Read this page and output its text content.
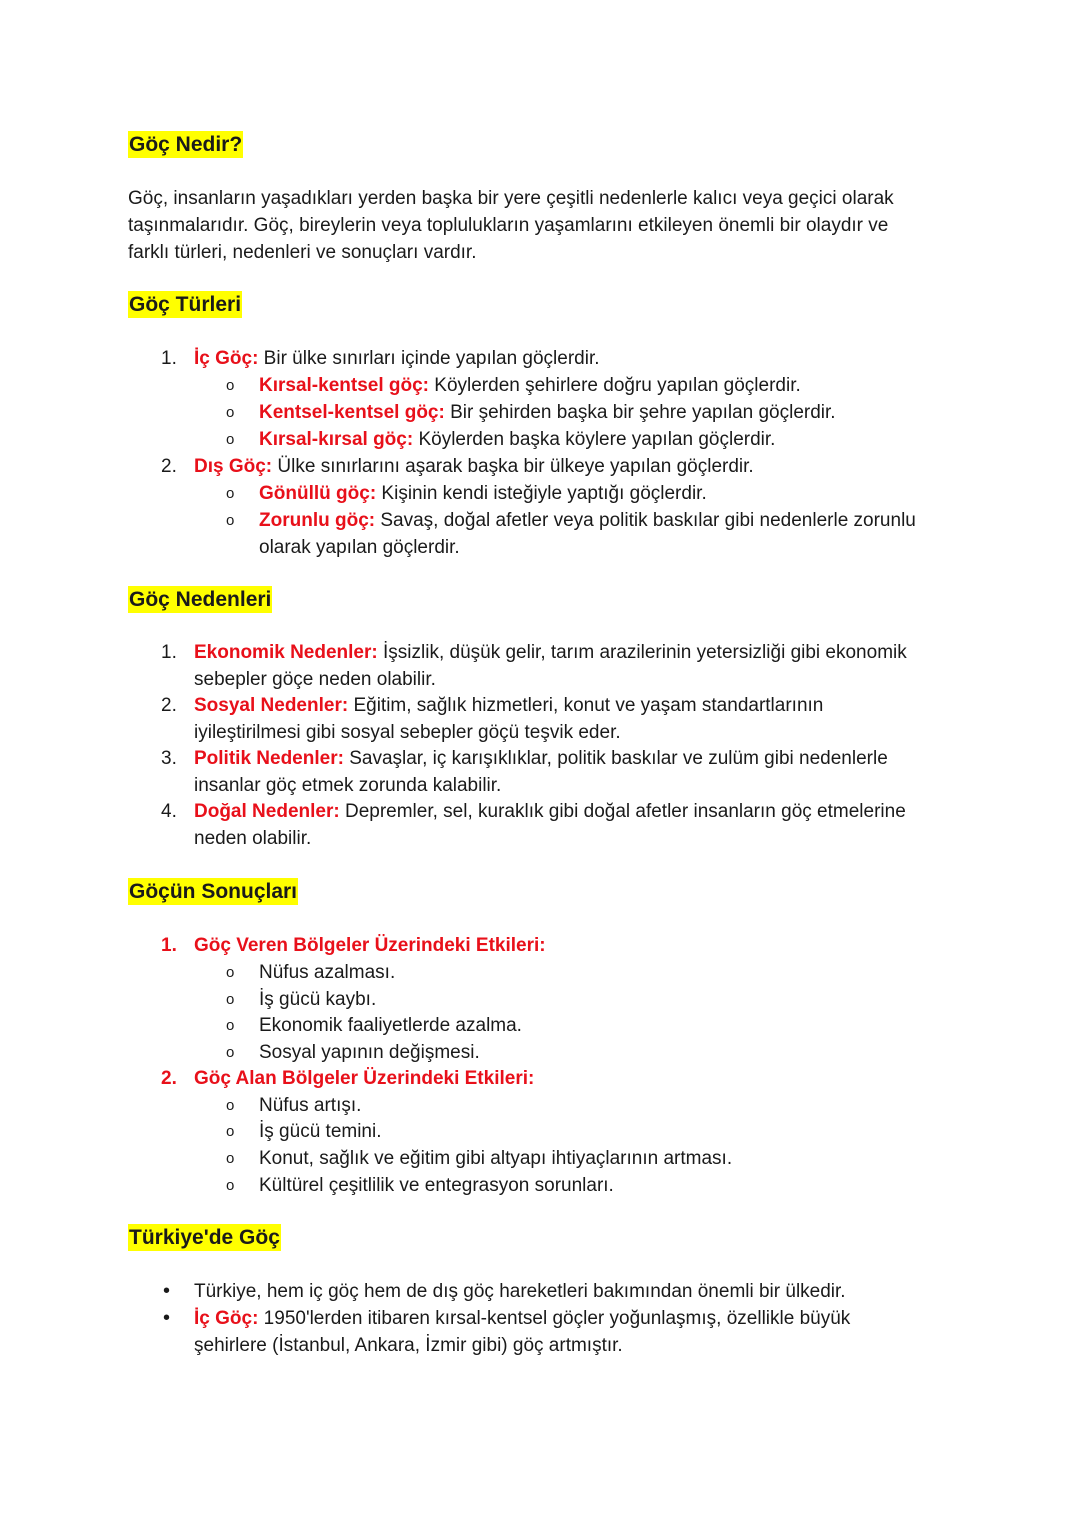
Göç Nedir?
Göç, insanların yaşadıkları yerden başka bir yere çeşitli nedenlerle kalıcı veya geçici olarak
taşınmalarıdır. Göç, bireylerin veya toplulukların yaşamlarını etkileyen önemli bir olaydır ve
farklı türleri, nedenleri ve sonuçları vardır.
Göç Türleri
1. İç Göç: Bir ülke sınırları içinde yapılan göçlerdir.
o Kırsal-kentsel göç: Köylerden şehirlere doğru yapılan göçlerdir.
o Kentsel-kentsel göç: Bir şehirden başka bir şehre yapılan göçlerdir.
o Kırsal-kırsal göç: Köylerden başka köylere yapılan göçlerdir.
2. Dış Göç: Ülke sınırlarını aşarak başka bir ülkeye yapılan göçlerdir.
o Gönüllü göç: Kişinin kendi isteğiyle yaptığı göçlerdir.
o Zorunlu göç: Savaş, doğal afetler veya politik baskılar gibi nedenlerle zorunlu
olarak yapılan göçlerdir.
Göç Nedenleri
1. Ekonomik Nedenler: İşsizlik, düşük gelir, tarım arazilerinin yetersizliği gibi ekonomik
sebepler göçe neden olabilir.
2. Sosyal Nedenler: Eğitim, sağlık hizmetleri, konut ve yaşam standartlarının
iyileştirilmesi gibi sosyal sebepler göçü teşvik eder.
3. Politik Nedenler: Savaşlar, iç karışıklıklar, politik baskılar ve zulüm gibi nedenlerle
insanlar göç etmek zorunda kalabilir.
4. Doğal Nedenler: Depremler, sel, kuraklık gibi doğal afetler insanların göç etmelerine
neden olabilir.
Göçün Sonuçları
1. Göç Veren Bölgeler Üzerindeki Etkileri:
o Nüfus azalması.
o İş gücü kaybı.
o Ekonomik faaliyetlerde azalma.
o Sosyal yapının değişmesi.
2. Göç Alan Bölgeler Üzerindeki Etkileri:
o Nüfus artışı.
o İş gücü temini.
o Konut, sağlık ve eğitim gibi altyapı ihtiyaçlarının artması.
o Kültürel çeşitlilik ve entegrasyon sorunları.
Türkiye'de Göç
• Türkiye, hem iç göç hem de dış göç hareketleri bakımından önemli bir ülkedir.
• İç Göç: 1950'lerden itibaren kırsal-kentsel göçler yoğunlaşmış, özellikle büyük
şehirlere (İstanbul, Ankara, İzmir gibi) göç artmıştır.
